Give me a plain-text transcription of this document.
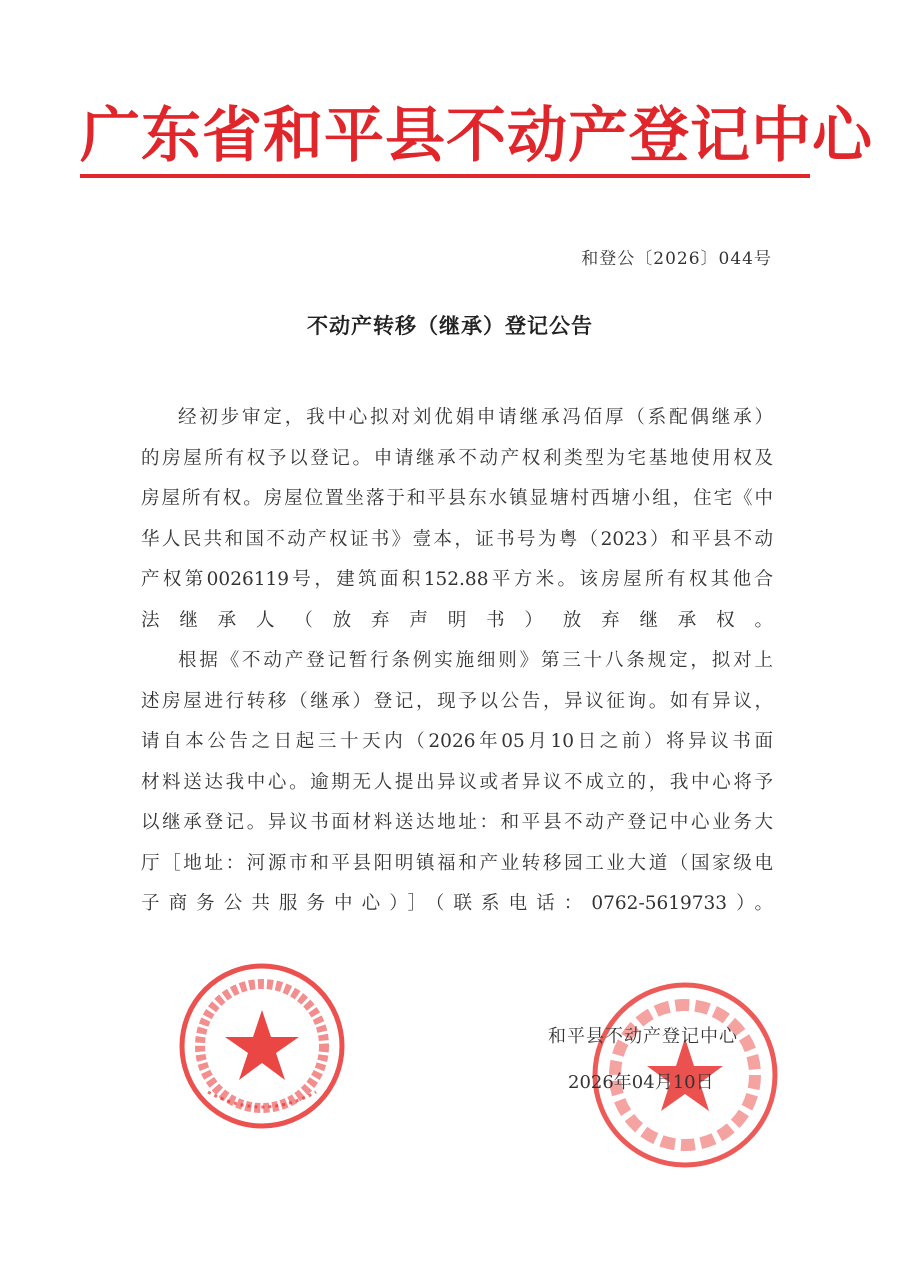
广东省和平县不动产登记中心
和登公〔2026〕044号
不动产转移（继承）登记公告
经初步审定，我中心拟对刘优娟申请继承冯佰厚（系配偶继承）
的房屋所有权予以登记。申请继承不动产权利类型为宅基地使用权及
房屋所有权。房屋位置坐落于和平县东水镇显塘村西塘小组，住宅《中
华人民共和国不动产权证书》壹本，证书号为粤（2023）和平县不动
产权第0026119号，建筑面积152.88平方米。该房屋所有权其他合
法继承人（放弃声明书）放弃继承权。
根据《不动产登记暂行条例实施细则》第三十八条规定，拟对上
述房屋进行转移（继承）登记，现予以公告，异议征询。如有异议，
请自本公告之日起三十天内（2026年05月10日之前）将异议书面
材料送达我中心。逾期无人提出异议或者异议不成立的，我中心将予
以继承登记。异议书面材料送达地址：和平县不动产登记中心业务大
厅［地址：河源市和平县阳明镇福和产业转移园工业大道（国家级电
子商务公共服务中心）］（联系电话：0762-5619733）。
和平县不动产登记中心
2026年04月10日
